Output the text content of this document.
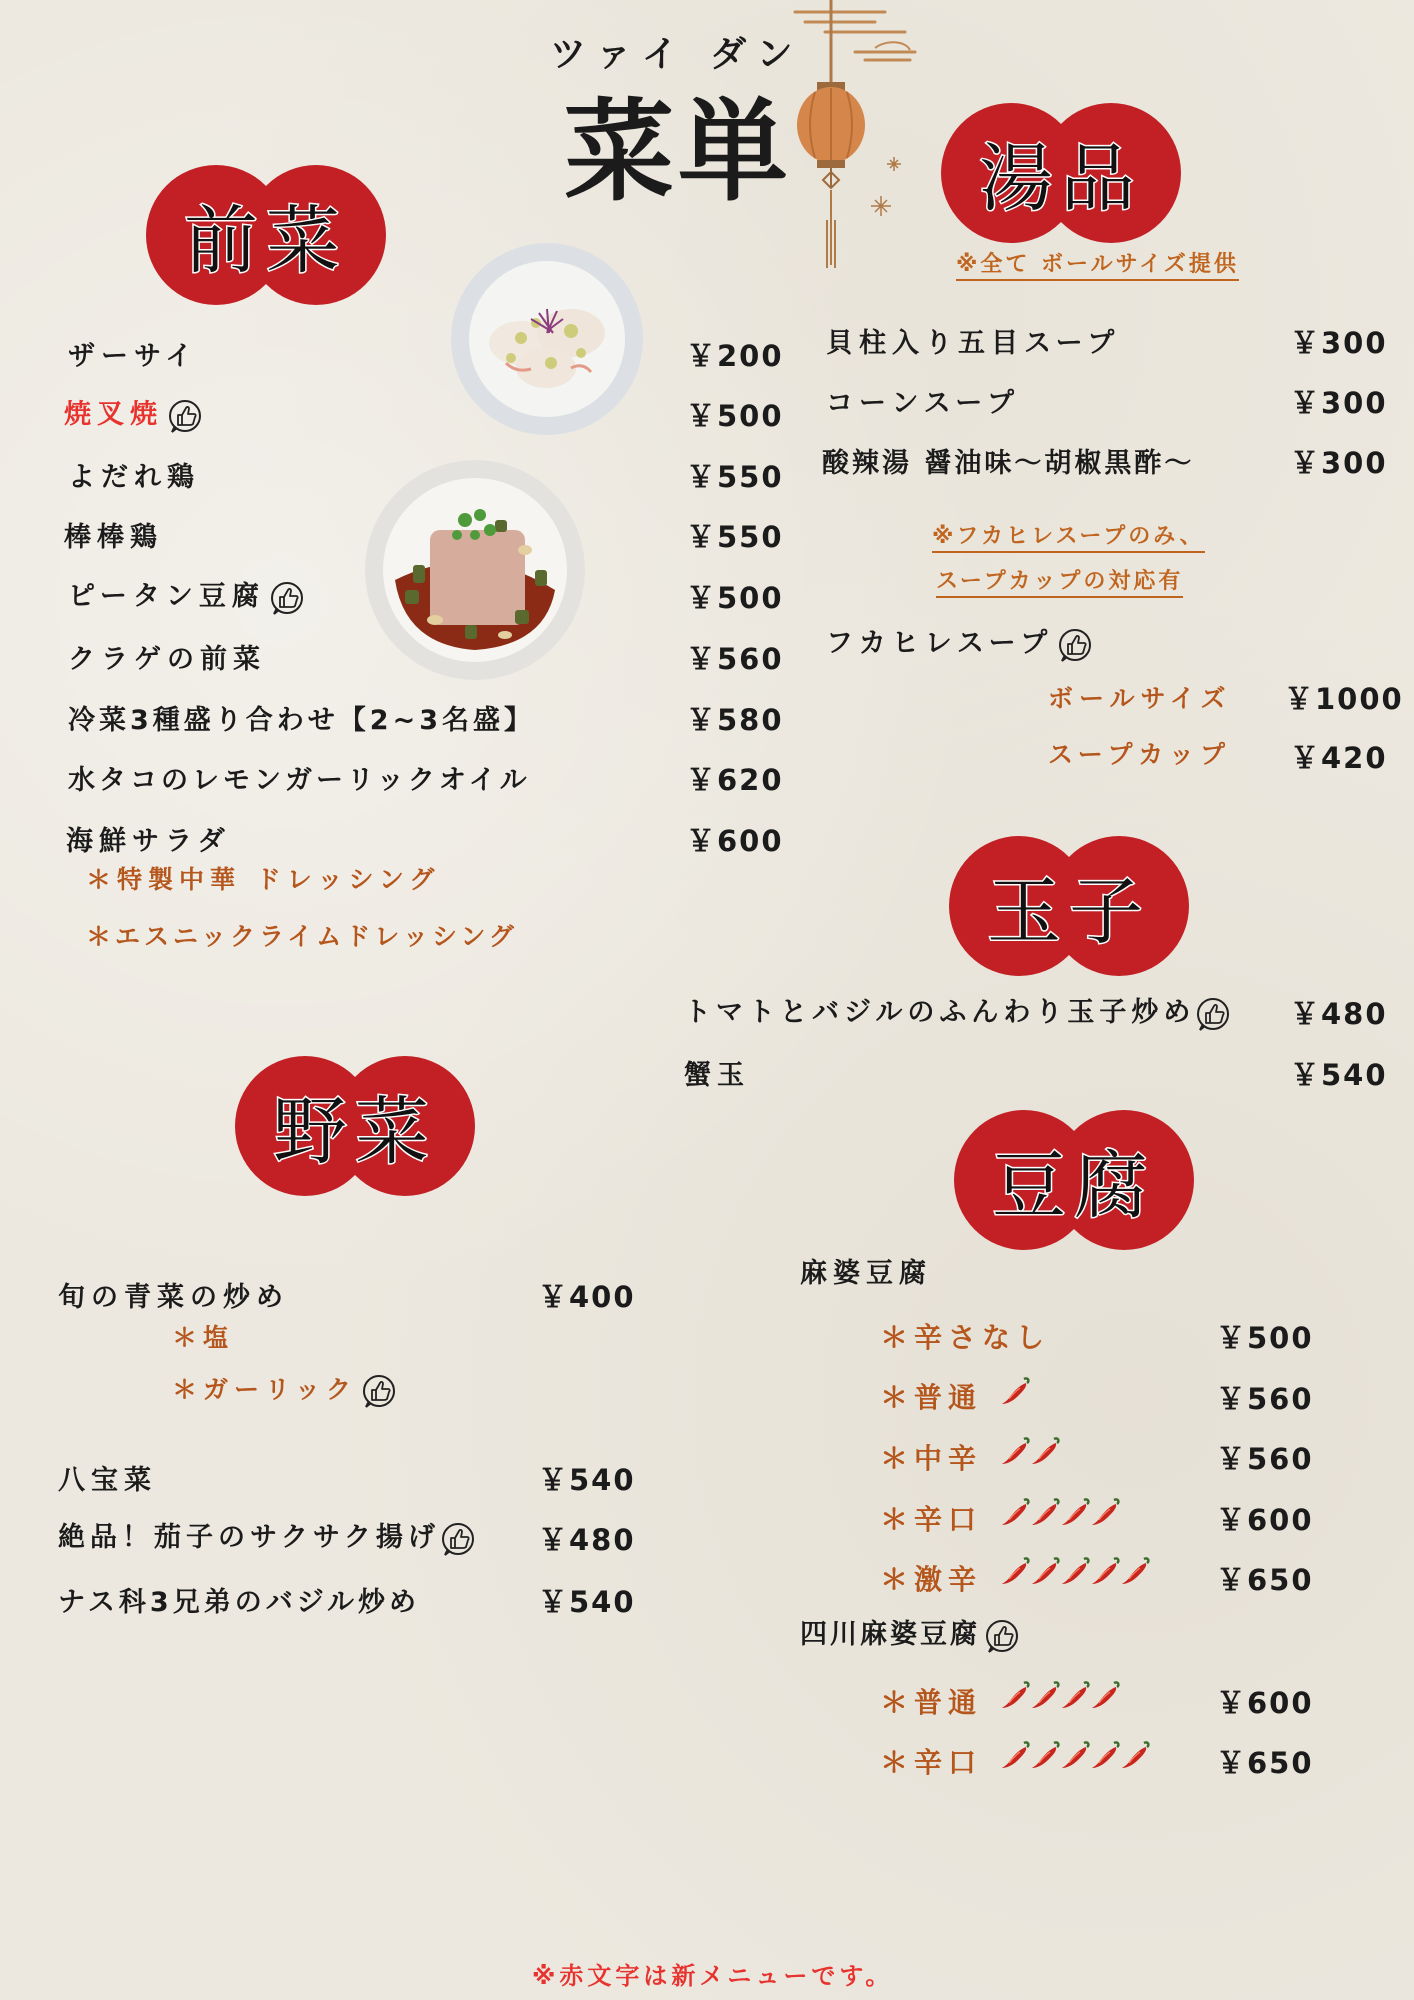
ツァイ ダン
菜単
前菜
湯品
玉子
野菜
豆腐
ザーサイ	￥200
焼叉焼	￥500
よだれ鶏	￥550
棒棒鶏	￥550
ピータン豆腐	￥500
クラゲの前菜	￥560
冷菜3種盛り合わせ【2~3名盛】	￥580
水タコのレモンガーリックオイル	￥620
海鮮サラダ	￥600
＊特製中華 ドレッシング
＊エスニックライムドレッシング
※全て ボールサイズ提供
貝柱入り五目スープ	￥300
コーンスープ	￥300
酸辣湯 醤油味～胡椒黒酢～	￥300
※フカヒレスープのみ、
スープカップの対応有
フカヒレスープ
ボールサイズ ￥1000
スープカップ ￥420
トマトとバジルのふんわり玉子炒め	￥480
蟹玉	￥540
旬の青菜の炒め	￥400
＊塩
＊ガーリック
八宝菜	￥540
絶品！茄子のサクサク揚げ	￥480
ナス科3兄弟のバジル炒め	￥540
麻婆豆腐
＊辛さなし	￥500
＊普通	￥560
＊中辛	￥560
＊辛口	￥600
＊激辛	￥650
四川麻婆豆腐
＊普通	￥600
＊辛口	￥650
※赤文字は新メニューです。
